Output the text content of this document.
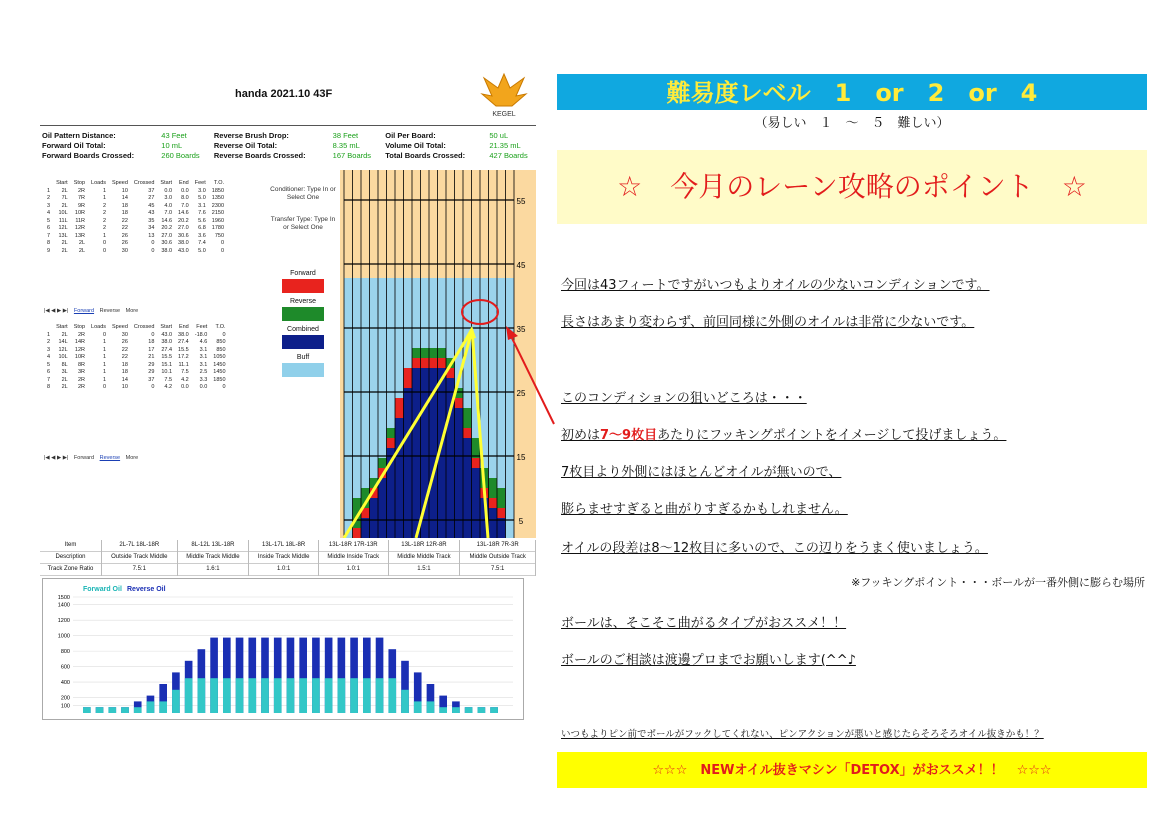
handa 2021.10 43F
KEGEL
Oil Pattern Distance:	43 Feet	Reverse Brush Drop:	38 Feet	Oil Per Board:	50 uL
Forward Oil Total:	10 mL	Reverse Oil Total:	8.35 mL	Volume Oil Total:	21.35 mL
Forward Boards Crossed:	260 Boards	Reverse Boards Crossed:	167 Boards	Total Boards Crossed:	427 Boards
	Start	Stop	Loads	Speed	Crossed	Start	End	Feet	T.O.
1	2L	2R	1	10	37	0.0	0.0	3.0	1850
2	7L	7R	1	14	27	3.0	8.0	5.0	1350
3	2L	9R	2	18	45	4.0	7.0	3.1	2300
4	10L	10R	2	18	43	7.0	14.6	7.6	2150
5	11L	11R	2	22	35	14.6	20.2	5.6	1960
6	12L	12R	2	22	34	20.2	27.0	6.8	1780
7	13L	13R	1	26	13	27.0	30.6	3.6	750
8	2L	2L	0	26	0	30.6	38.0	7.4	0
9	2L	2L	0	30	0	38.0	43.0	5.0	0
|◀ ◀ ▶ ▶| Forward Reverse More
	Start	Stop	Loads	Speed	Crossed	Start	End	Feet	T.O.
1	2L	2R	0	30	0	43.0	38.0	-18.0	0
2	14L	14R	1	26	18	38.0	27.4	4.6	850
3	12L	12R	1	22	17	27.4	15.5	3.1	850
4	10L	10R	1	22	21	15.5	17.2	3.1	1050
5	8L	8R	1	18	29	15.1	11.1	3.1	1450
6	3L	3R	1	18	29	10.1	7.5	2.5	1450
7	2L	2R	1	14	37	7.5	4.2	3.3	1850
8	2L	2R	0	10	0	4.2	0.0	0.0	0
|◀ ◀ ▶ ▶| Forward Reverse More
Conditioner: Type In or Select One
Transfer Type: Type In or Select One
Forward
Reverse
Combined
Buff
55
45
35
25
15
5
Item	2L-7L 18L-18R	8L-12L 13L-18R	13L-17L 18L-8R	13L-18R 17R-13R	13L-18R 12R-8R	13L-18R 7R-3R
Description	Outside Track Middle	Middle Track Middle	Inside Track Middle	Middle Inside Track	Middle Middle Track	Middle Outside Track
Track Zone Ratio	7.5:1	1.6:1	1.0:1	1.0:1	1.5:1	7.5:1
1500
1400
1200
1000
800
600
400
200
100
Forward Oil Reverse Oil
難易度レベル　1　or　2　or　4
（易しい　１　～　５　難しい）
☆　今月のレーン攻略のポイント　☆
今回は43フィートですがいつもよりオイルの少ないコンディションです。
長さはあまり変わらず、前回同様に外側のオイルは非常に少ないです。
このコンディションの狙いどころは・・・
初めは7～9枚目あたりにフッキングポイントをイメージして投げましょう。
7枚目より外側にはほとんどオイルが無いので、
膨らませすぎると曲がりすぎるかもしれません。
オイルの段差は8～12枚目に多いので、この辺りをうまく使いましょう。
※フッキングポイント・・・ボールが一番外側に膨らむ場所
ボールは、そこそこ曲がるタイプがおススメ！！
ボールのご相談は渡邊プロまでお願いします(^^♪
いつもよりピン前でボールがフックしてくれない、ピンアクションが悪いと感じたらそろそろオイル抜きかも！？
☆☆☆　NEWオイル抜きマシン「DETOX」がおススメ！！　☆☆☆
